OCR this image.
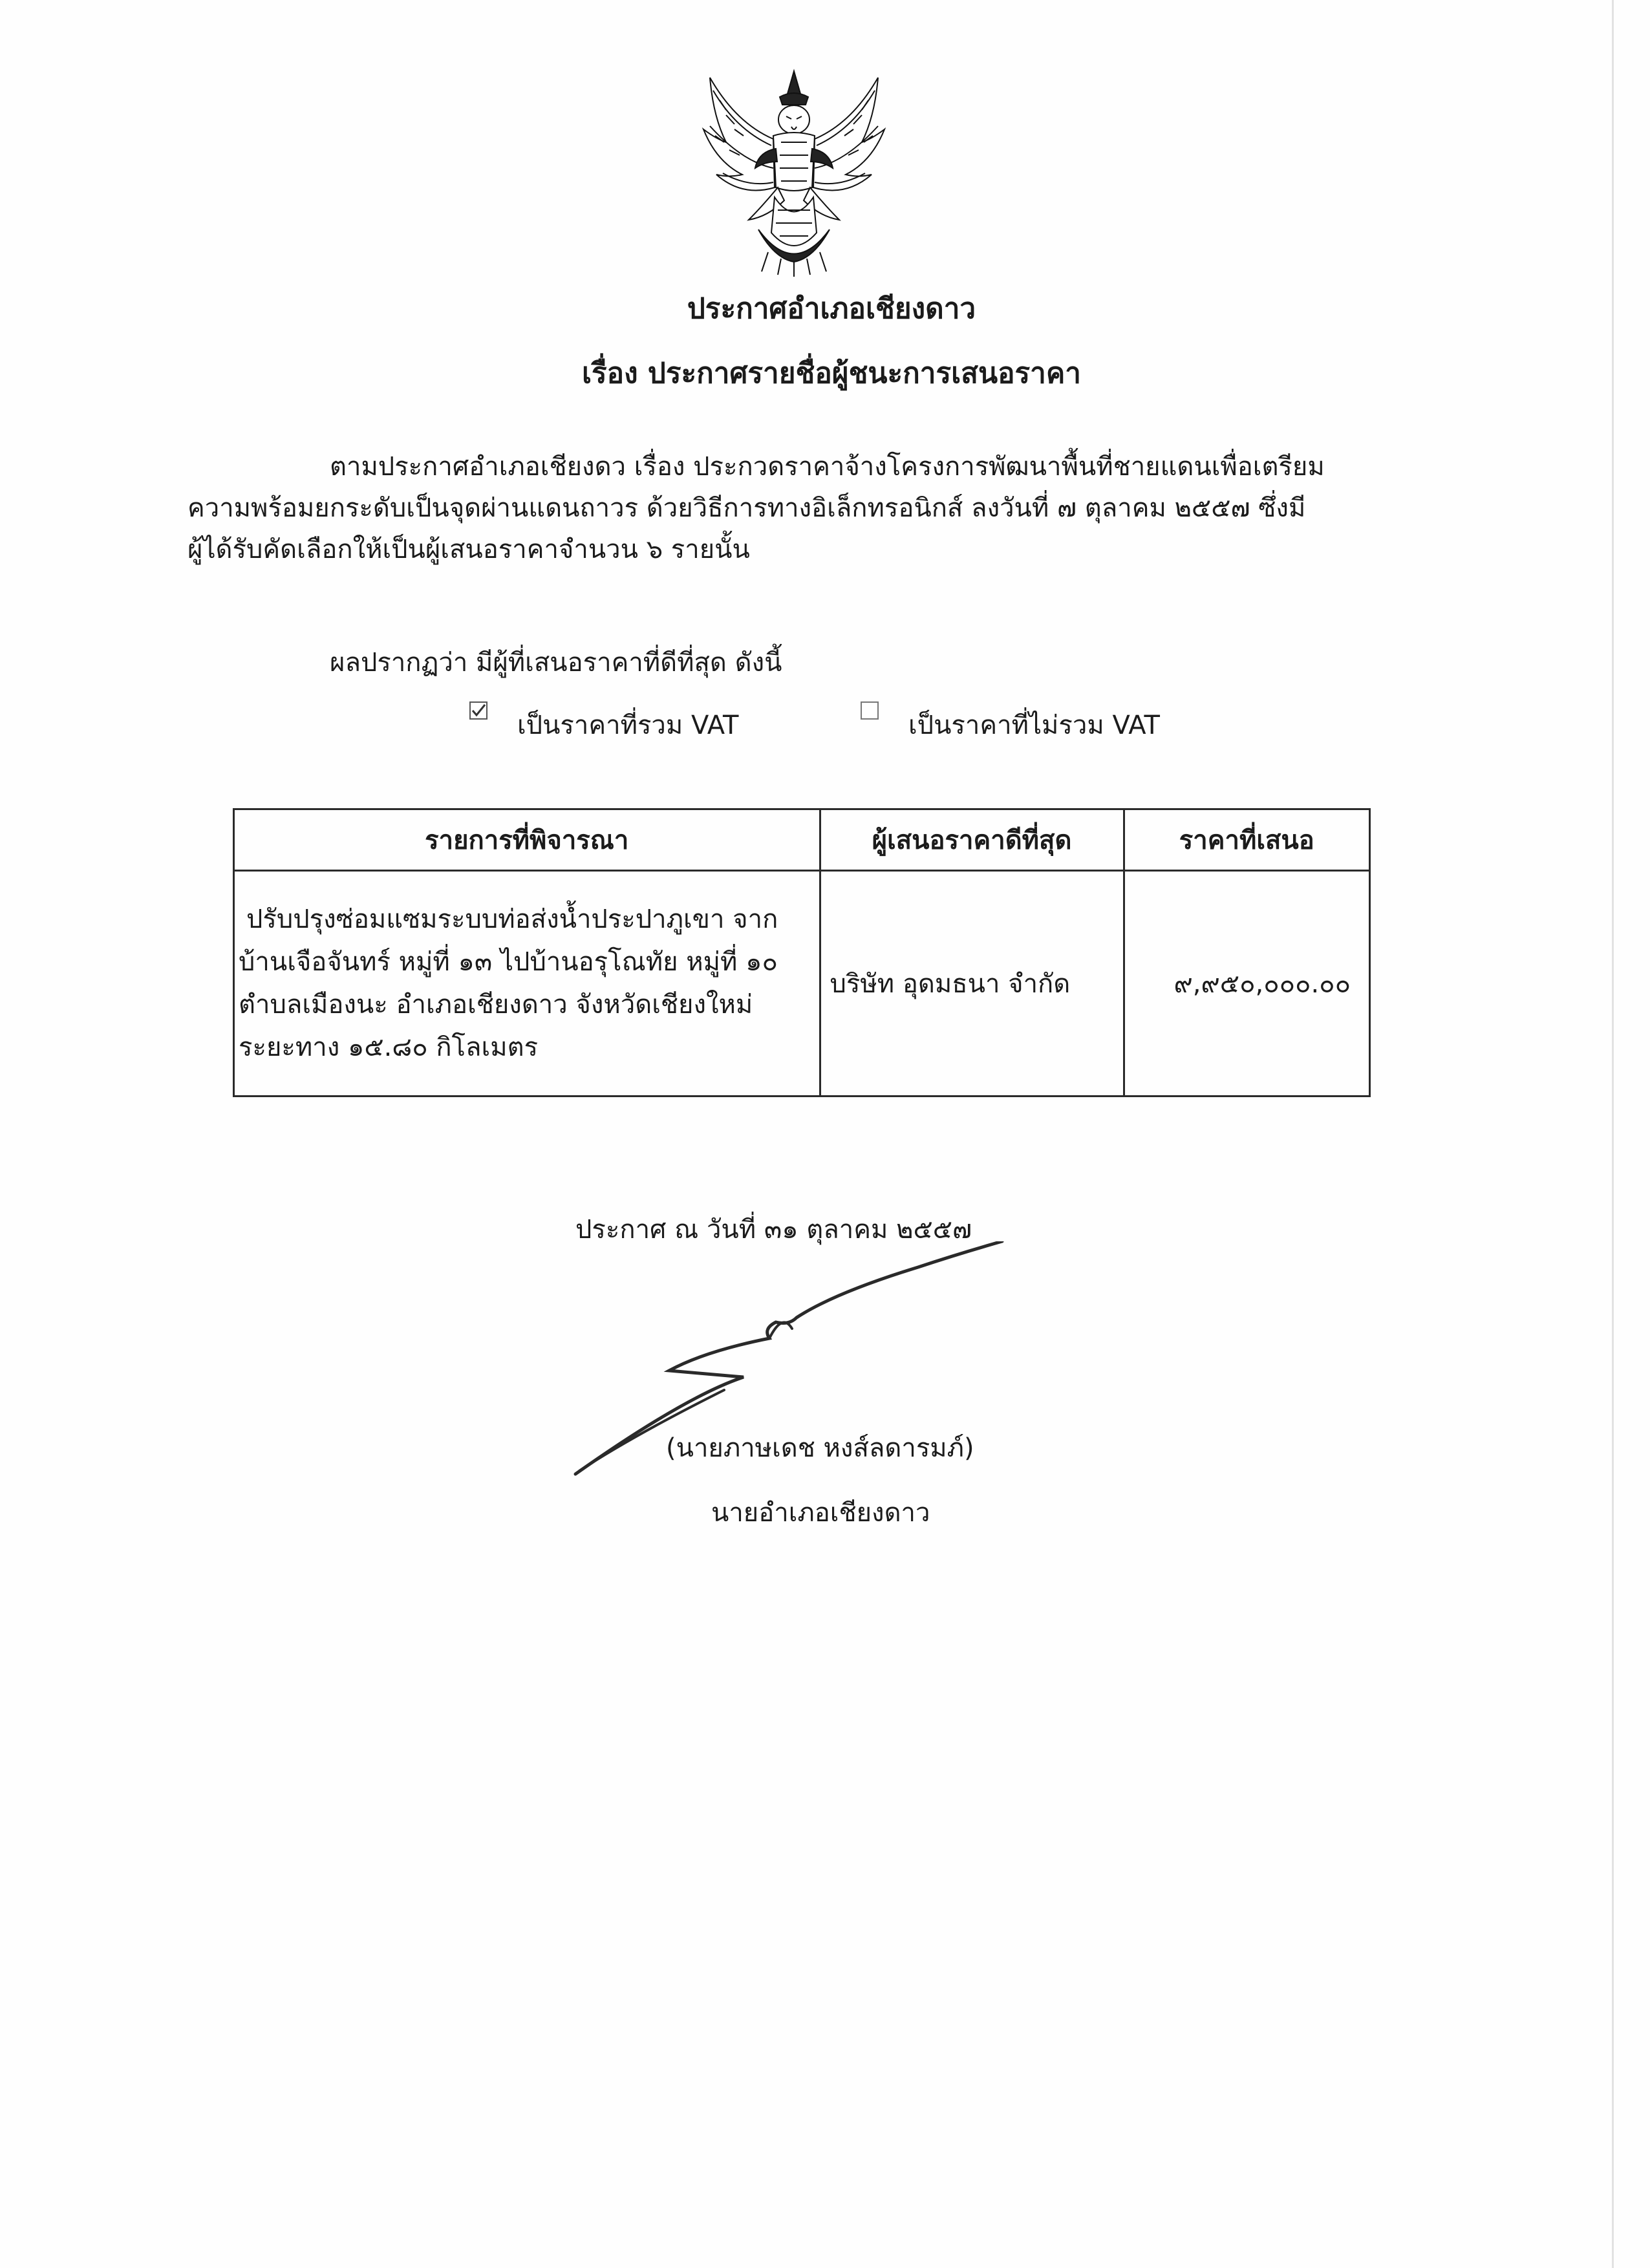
ประกาศอำเภอเชียงดาว
เรื่อง ประกาศรายชื่อผู้ชนะการเสนอราคา
ตามประกาศอำเภอเชียงดว เรื่อง ประกวดราคาจ้างโครงการพัฒนาพื้นที่ชายแดนเพื่อเตรียม
ความพร้อมยกระดับเป็นจุดผ่านแดนถาวร ด้วยวิธีการทางอิเล็กทรอนิกส์ ลงวันที่ ๗ ตุลาคม ๒๕๕๗ ซึ่งมี
ผู้ได้รับคัดเลือกให้เป็นผู้เสนอราคาจำนวน ๖ รายนั้น
ผลปรากฏว่า มีผู้ที่เสนอราคาที่ดีที่สุด ดังนี้
เป็นราคาที่รวม VAT	เป็นราคาที่ไม่รวม VAT
รายการที่พิจารณา	ผู้เสนอราคาดีที่สุด	ราคาที่เสนอ

ปรับปรุงซ่อมแซมระบบท่อส่งน้ำประปาภูเขา จาก
บ้านเจือจันทร์ หมู่ที่ ๑๓ ไปบ้านอรุโณทัย หมู่ที่ ๑๐
ตำบลเมืองนะ อำเภอเชียงดาว จังหวัดเชียงใหม่
ระยะทาง ๑๕.๘๐ กิโลเมตร	บริษัท อุดมธนา จำกัด	๙,๙๕๐,๐๐๐.๐๐
ประกาศ ณ วันที่ ๓๑ ตุลาคม ๒๕๕๗
(นายภาษเดช หงส์ลดารมภ์)
นายอำเภอเชียงดาว
